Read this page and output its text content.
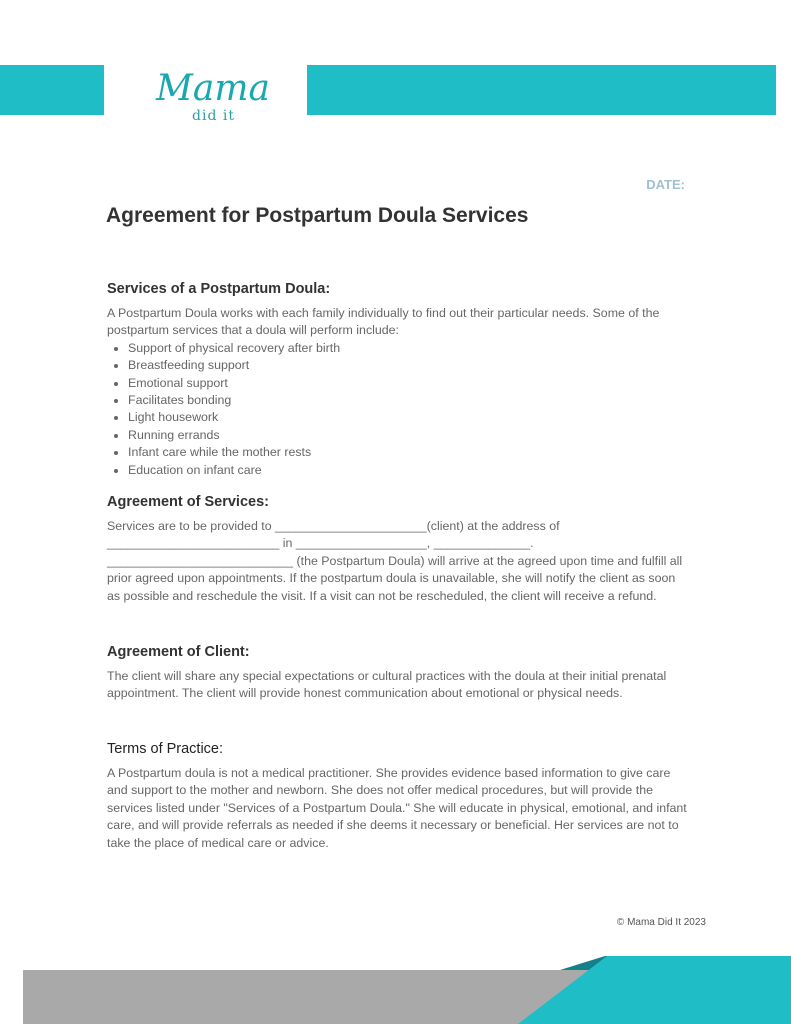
Mama
did it
DATE:
Agreement for Postpartum Doula Services
Services of a Postpartum Doula:

A Postpartum Doula works with each family individually to find out their particular needs. Some of the postpartum services that a doula will perform include:

• Support of physical recovery after birth
• Breastfeeding support
• Emotional support
• Facilitates bonding
• Light housework
• Running errands
• Infant care while the mother rests
• Education on infant care
Agreement of Services:

Services are to be provided to ______________________(client) at the address of _________________________ in ___________________, ______________. ___________________________ (the Postpartum Doula) will arrive at the agreed upon time and fulfill all prior agreed upon appointments. If the postpartum doula is unavailable, she will notify the client as soon as possible and reschedule the visit. If a visit can not be rescheduled, the client will receive a refund.

Agreement of Client:

The client will share any special expectations or cultural practices with the doula at their initial prenatal appointment. The client will provide honest communication about emotional or physical needs.

Terms of Practice:

A Postpartum doula is not a medical practitioner. She provides evidence based information to give care and support to the mother and newborn. She does not offer medical procedures, but will provide the services listed under "Services of a Postpartum Doula." She will educate in physical, emotional, and infant care, and will provide referrals as needed if she deems it necessary or beneficial. Her services are not to take the place of medical care or advice.

© Mama Did It 2023
